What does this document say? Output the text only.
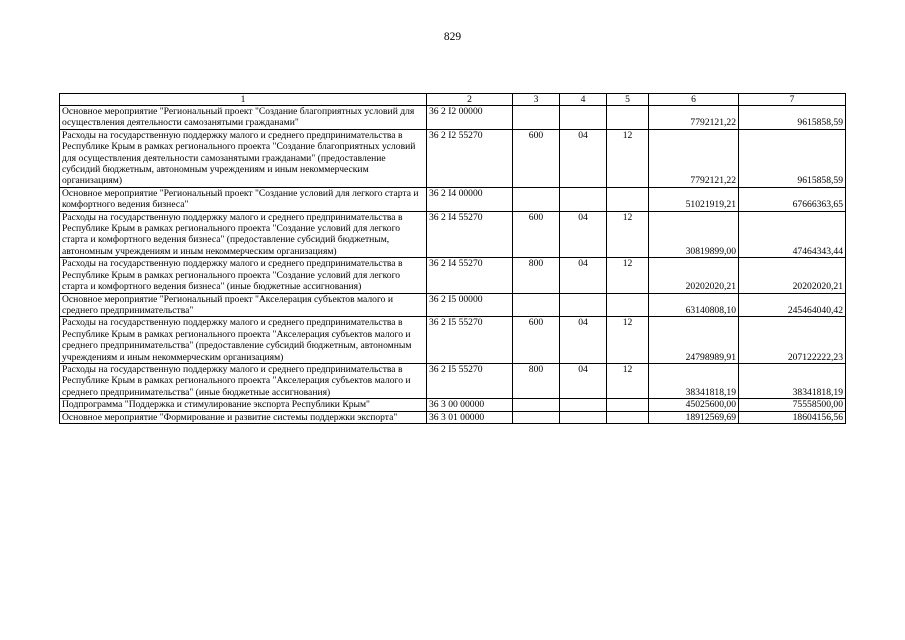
829
1	2	3	4	5	6	7
Основное мероприятие "Региональный проект "Создание благоприятных условий для осуществления деятельности самозанятыми гражданами"	36 2 I2 00000				7792121,22	9615858,59
Расходы на государственную поддержку малого и среднего предпринимательства в Республике Крым в рамках регионального проекта "Создание благоприятных условий для осуществления деятельности самозанятыми гражданами" (предоставление субсидий бюджетным, автономным учреждениям и иным некоммерческим организациям)	36 2 I2 55270	600	04	12	7792121,22	9615858,59
Основное мероприятие "Региональный проект "Создание условий для легкого старта и комфортного ведения бизнеса"	36 2 I4 00000				51021919,21	67666363,65
Расходы на государственную поддержку малого и среднего предпринимательства в Республике Крым в рамках регионального проекта "Создание условий для легкого старта и комфортного ведения бизнеса" (предоставление субсидий бюджетным, автономным учреждениям и иным некоммерческим организациям)	36 2 I4 55270	600	04	12	30819899,00	47464343,44
Расходы на государственную поддержку малого и среднего предпринимательства в Республике Крым в рамках регионального проекта "Создание условий для легкого старта и комфортного ведения бизнеса" (иные бюджетные ассигнования)	36 2 I4 55270	800	04	12	20202020,21	20202020,21
Основное мероприятие "Региональный проект "Акселерация субъектов малого и среднего предпринимательства"	36 2 I5 00000				63140808,10	245464040,42
Расходы на государственную поддержку малого и среднего предпринимательства в Республике Крым в рамках регионального проекта "Акселерация субъектов малого и среднего предпринимательства" (предоставление субсидий бюджетным, автономным учреждениям и иным некоммерческим организациям)	36 2 I5 55270	600	04	12	24798989,91	207122222,23
Расходы на государственную поддержку малого и среднего предпринимательства в Республике Крым в рамках регионального проекта "Акселерация субъектов малого и среднего предпринимательства" (иные бюджетные ассигнования)	36 2 I5 55270	800	04	12	38341818,19	38341818,19
Подпрограмма "Поддержка и стимулирование экспорта Республики Крым"	36 3 00 00000				45025600,00	75558500,00
Основное мероприятие "Формирование и развитие системы поддержки экспорта"	36 3 01 00000				18912569,69	18604156,56
